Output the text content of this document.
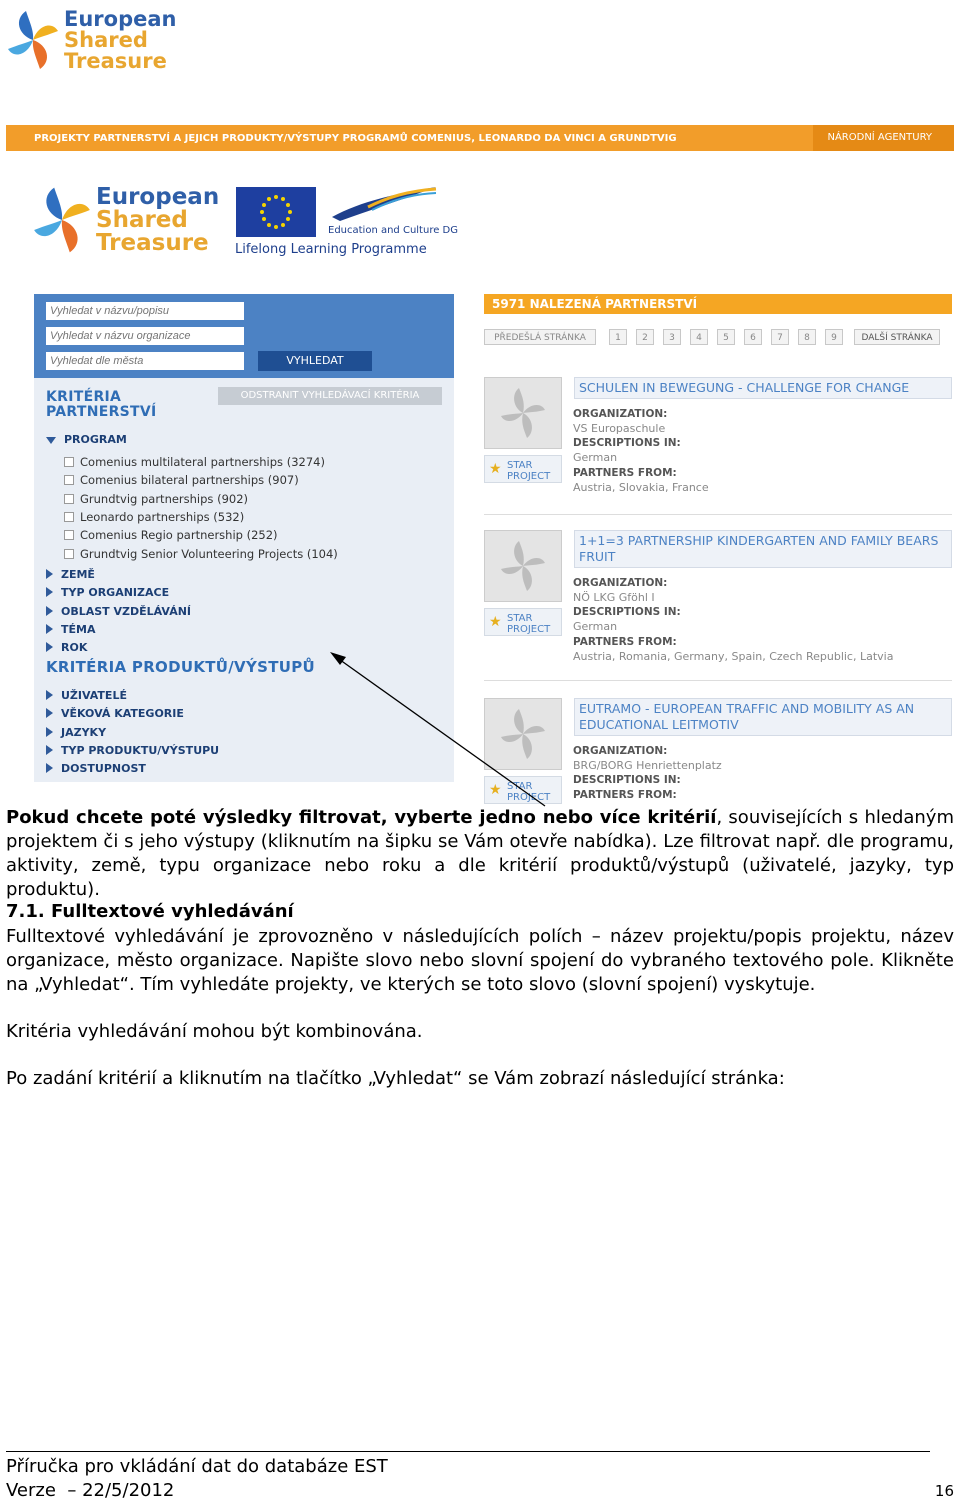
European
Shared
Treasure
PROJEKTY PARTNERSTVÍ A JEJICH PRODUKTY/VÝSTUPY PROGRAMŮ COMENIUS, LEONARDO DA VINCI A GRUNDTVIG	NÁRODNÍ AGENTURY
European
Shared
Treasure	Education and Culture DG
Lifelong Learning Programme
Vyhledat v názvu/popisu
Vyhledat v názvu organizace
Vyhledat dle města
VYHLEDAT
KRITÉRIA
PARTNERSTVÍ
ODSTRANIT VYHLEDÁVACÍ KRITÉRIA
PROGRAM
KRITÉRIA PRODUKTŮ/VÝSTUPŮ
5971 NALEZENÁ PARTNERSTVÍ
PŘEDEŠLÁ STRÁNKA	DALŠÍ STRÁNKA
Comenius multilateral partnerships (3274)
Comenius bilateral partnerships (907)
Grundtvig partnerships (902)
Leonardo partnerships (532)
Comenius Regio partnership (252)
Grundtvig Senior Volunteering Projects (104)
ZEMĚ
TYP ORGANIZACE
OBLAST VZDĚLÁVÁNÍ
TÉMA
ROK
UŽIVATELÉ
VĚKOVÁ KATEGORIE
JAZYKY
TYP PRODUKTU/VÝSTUPU
DOSTUPNOST
1	2	3	4	5	6	7	8	9
★ STAR
PROJECT
SCHULEN IN BEWEGUNG - CHALLENGE FOR CHANGE
ORGANIZATION:
VS Europaschule
DESCRIPTIONS IN:
German
PARTNERS FROM:
Austria, Slovakia, France
★ STAR
PROJECT
1+1=3 PARTNERSHIP KINDERGARTEN AND FAMILY BEARS FRUIT
ORGANIZATION:
NÖ LKG Gföhl I
DESCRIPTIONS IN:
German
PARTNERS FROM:
Austria, Romania, Germany, Spain, Czech Republic, Latvia
★ STAR
PROJECT
EUTRAMO - EUROPEAN TRAFFIC AND MOBILITY AS AN EDUCATIONAL LEITMOTIV
ORGANIZATION:
BRG/BORG Henriettenplatz
DESCRIPTIONS IN:
PARTNERS FROM:
Pokud chcete poté výsledky filtrovat, vyberte jedno nebo více kritérií, souvisejících s hledaným projektem či s jeho výstupy (kliknutím na šipku se Vám otevře nabídka). Lze filtrovat např. dle programu, aktivity, země, typu organizace nebo roku a dle kritérií produktů/výstupů (uživatelé, jazyky, typ produktu).
7.1. Fulltextové vyhledávání
Fulltextové vyhledávání je zprovozněno v následujících polích – název projektu/popis projektu, název organizace, město organizace. Napište slovo nebo slovní spojení do vybraného textového pole. Klikněte na „Vyhledat“. Tím vyhledáte projekty, ve kterých se toto slovo (slovní spojení) vyskytuje.
Kritéria vyhledávání mohou být kombinována.
Po zadání kritérií a kliknutím na tlačítko „Vyhledat“ se Vám zobrazí následující stránka:
Příručka pro vkládání dat do databáze EST
Verze  – 22/5/2012	16
